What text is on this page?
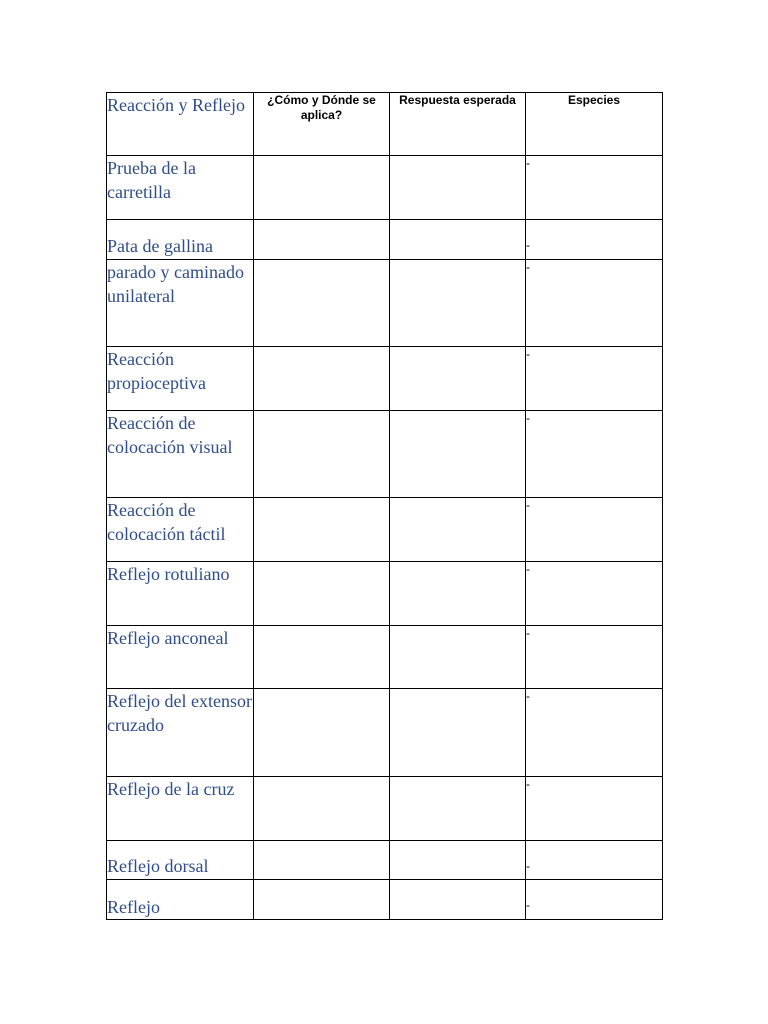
Reacción y Reflejo	¿Cómo y Dónde se aplica?	Respuesta esperada	Especies
Prueba de la carretilla			-
Pata de gallina			-
parado y caminado unilateral			-
Reacción propioceptiva			-
Reacción de colocación visual			-
Reacción de colocación táctil			-
Reflejo rotuliano			-
Reflejo anconeal			-
Reflejo del extensor cruzado			-
Reflejo de la cruz			-
Reflejo dorsal			-
Reflejo			-
